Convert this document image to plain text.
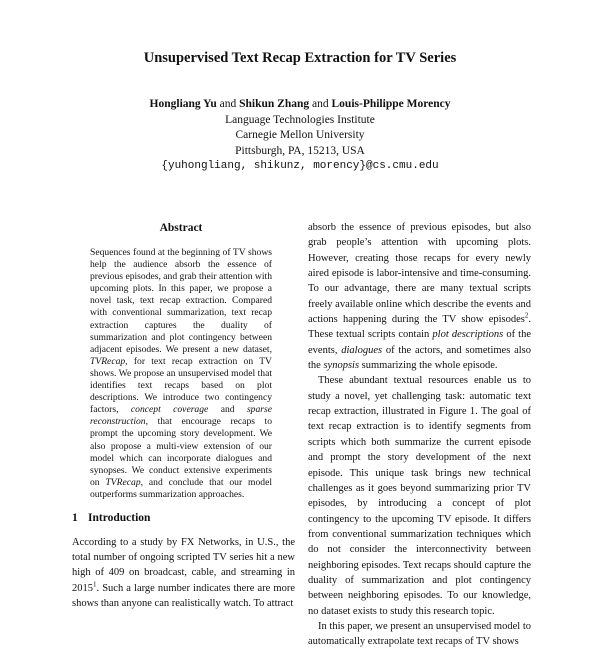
Unsupervised Text Recap Extraction for TV Series
Hongliang Yu and Shikun Zhang and Louis-Philippe Morency
Language Technologies Institute
Carnegie Mellon University
Pittsburgh, PA, 15213, USA
{yuhongliang, shikunz, morency}@cs.cmu.edu
Abstract

Sequences found at the beginning of TV shows help the audience absorb the essence of previous episodes, and grab their attention with upcoming plots. In this paper, we propose a novel task, text recap extraction. Compared with conventional summarization, text recap extraction captures the duality of summarization and plot contingency between adjacent episodes. We present a new dataset, TVRecap, for text recap extraction on TV shows. We propose an unsupervised model that identifies text recaps based on plot descriptions. We introduce two contingency factors, concept coverage and sparse reconstruction, that encourage recaps to prompt the upcoming story development. We also propose a multi-view extension of our model which can incorporate dialogues and synopses. We conduct extensive experiments on TVRecap, and conclude that our model outperforms summarization approaches.

1 Introduction

According to a study by FX Networks, in U.S., the total number of ongoing scripted TV series hit a new high of 409 on broadcast, cable, and streaming in 2015$^1$. Such a large number indicates there are more shows than anyone can realistically watch. To attract

absorb the essence of previous episodes, but also grab people’s attention with upcoming plots. However, creating those recaps for every newly aired episode is labor-intensive and time-consuming. To our advantage, there are many textual scripts freely available online which describe the events and actions happening during the TV show episodes$^2$. These textual scripts contain plot descriptions of the events, dialogues of the actors, and sometimes also the synopsis summarizing the whole episode.

These abundant textual resources enable us to study a novel, yet challenging task: automatic text recap extraction, illustrated in Figure 1. The goal of text recap extraction is to identify segments from scripts which both summarize the current episode and prompt the story development of the next episode. This unique task brings new technical challenges as it goes beyond summarizing prior TV episodes, by introducing a concept of plot contingency to the upcoming TV episode. It differs from conventional summarization techniques which do not consider the interconnectivity between neighboring episodes. Text recaps should capture the duality of summarization and plot contingency between neighboring episodes. To our knowledge, no dataset exists to study this research topic.

In this paper, we present an unsupervised model to automatically extrapolate text recaps of TV shows
